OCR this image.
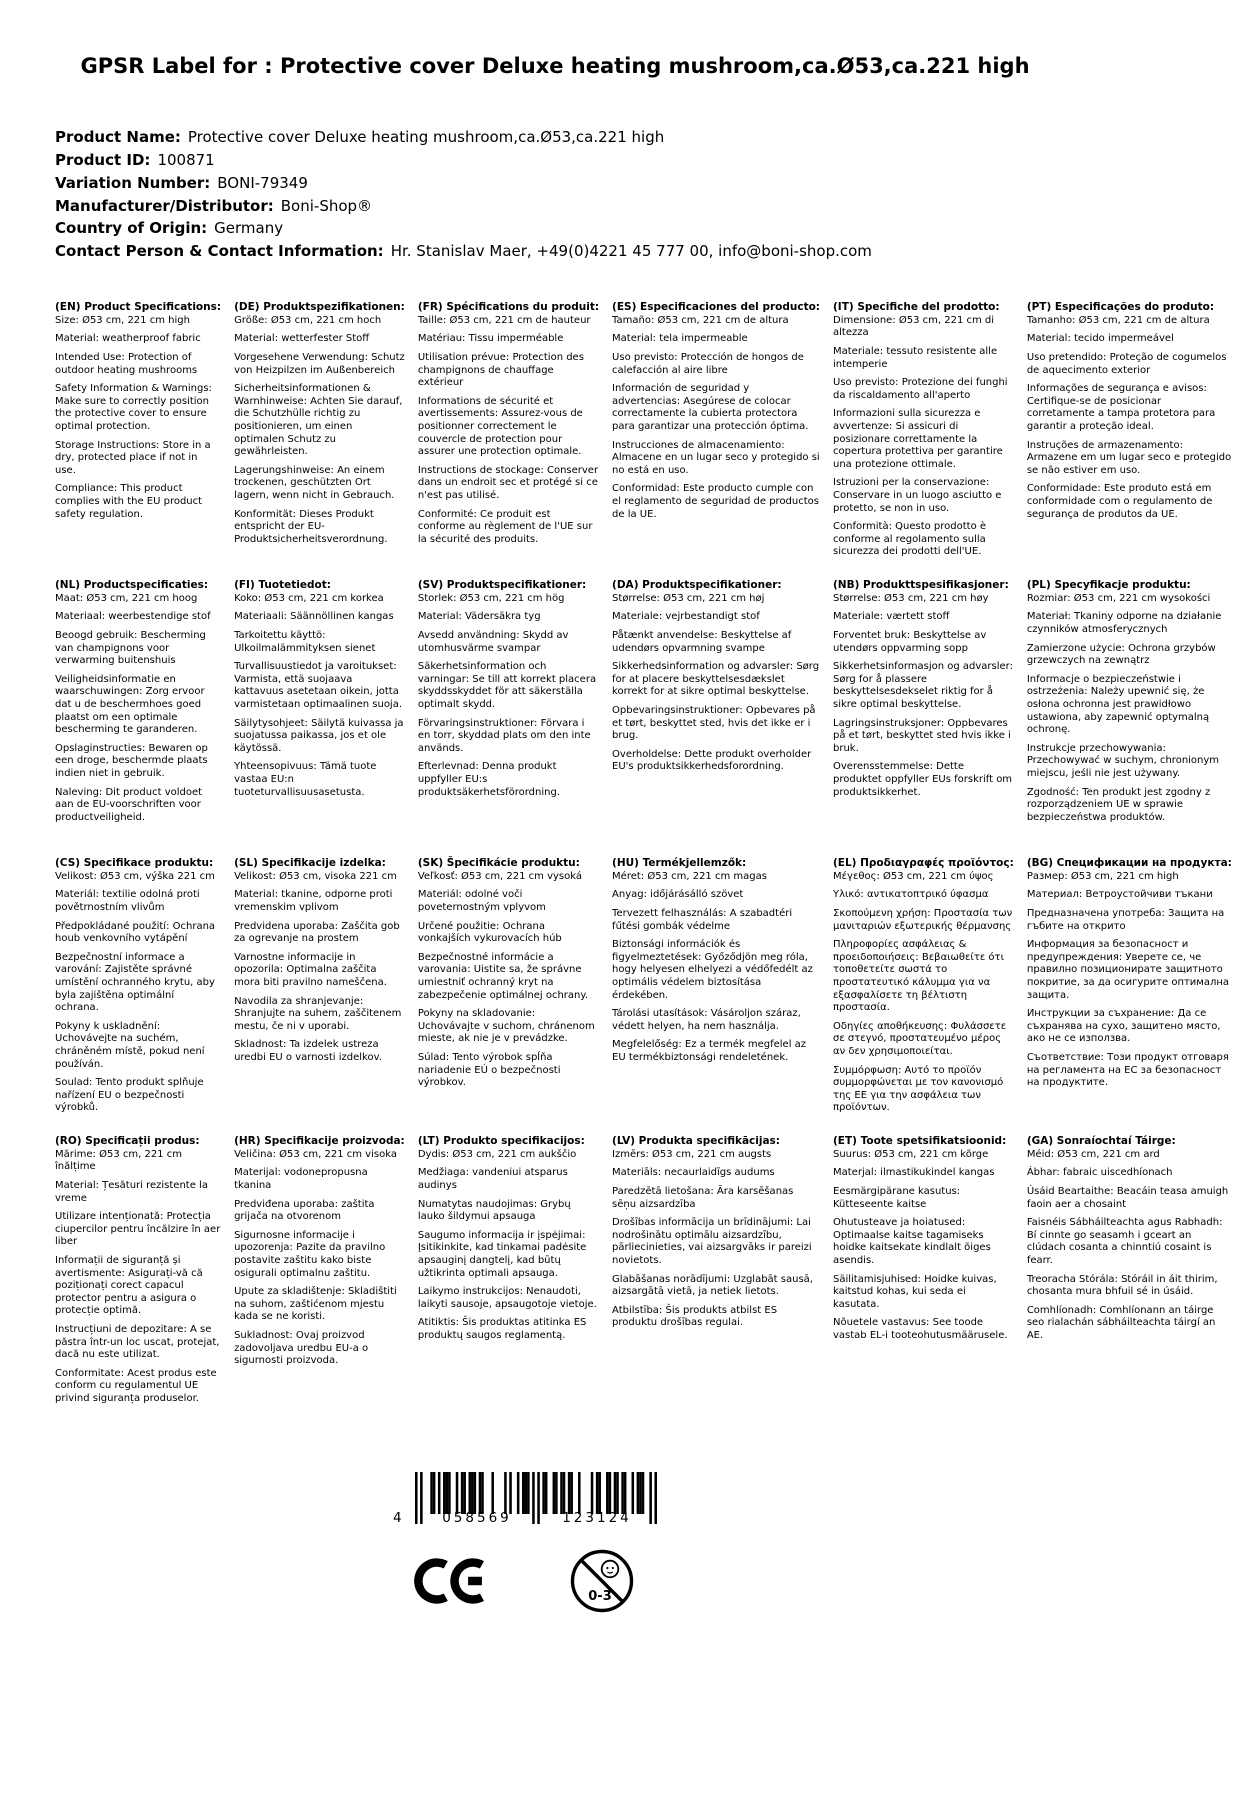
GPSR Label for : Protective cover Deluxe heating mushroom,ca.Ø53,ca.221 high
Product Name: Protective cover Deluxe heating mushroom,ca.Ø53,ca.221 high
Product ID: 100871
Variation Number: BONI-79349
Manufacturer/Distributor: Boni-Shop®
Country of Origin: Germany
Contact Person & Contact Information: Hr. Stanislav Maer, +49(0)4221 45 777 00, info@boni-shop.com
(EN) Product Specifications:

Size: Ø53 cm, 221 cm high

Material: weatherproof fabric

Intended Use: Protection of outdoor heating mushrooms

Safety Information & Warnings: Make sure to correctly position the protective cover to ensure optimal protection.

Storage Instructions: Store in a dry, protected place if not in use.

Compliance: This product complies with the EU product safety regulation.

(DE) Produktspezifikationen:

Größe: Ø53 cm, 221 cm hoch

Material: wetterfester Stoff

Vorgesehene Verwendung: Schutz von Heizpilzen im Außenbereich

Sicherheitsinformationen & Warnhinweise: Achten Sie darauf, die Schutzhülle richtig zu positionieren, um einen optimalen Schutz zu gewährleisten.

Lagerungshinweise: An einem trockenen, geschützten Ort lagern, wenn nicht in Gebrauch.

Konformität: Dieses Produkt entspricht der EU-Produktsicherheitsverordnung.

(FR) Spécifications du produit:

Taille: Ø53 cm, 221 cm de hauteur

Matériau: Tissu imperméable

Utilisation prévue: Protection des champignons de chauffage extérieur

Informations de sécurité et avertissements: Assurez-vous de positionner correctement le couvercle de protection pour assurer une protection optimale.

Instructions de stockage: Conserver dans un endroit sec et protégé si ce n'est pas utilisé.

Conformité: Ce produit est conforme au règlement de l'UE sur la sécurité des produits.

(ES) Especificaciones del producto:

Tamaño: Ø53 cm, 221 cm de altura

Material: tela impermeable

Uso previsto: Protección de hongos de calefacción al aire libre

Información de seguridad y advertencias: Asegúrese de colocar correctamente la cubierta protectora para garantizar una protección óptima.

Instrucciones de almacenamiento: Almacene en un lugar seco y protegido si no está en uso.

Conformidad: Este producto cumple con el reglamento de seguridad de productos de la UE.

(IT) Specifiche del prodotto:

Dimensione: Ø53 cm, 221 cm di altezza

Materiale: tessuto resistente alle intemperie

Uso previsto: Protezione dei funghi da riscaldamento all'aperto

Informazioni sulla sicurezza e avvertenze: Si assicuri di posizionare correttamente la copertura protettiva per garantire una protezione ottimale.

Istruzioni per la conservazione: Conservare in un luogo asciutto e protetto, se non in uso.

Conformità: Questo prodotto è conforme al regolamento sulla sicurezza dei prodotti dell'UE.

(PT) Especificações do produto:

Tamanho: Ø53 cm, 221 cm de altura

Material: tecido impermeável

Uso pretendido: Proteção de cogumelos de aquecimento exterior

Informações de segurança e avisos: Certifique-se de posicionar corretamente a tampa protetora para garantir a proteção ideal.

Instruções de armazenamento: Armazene em um lugar seco e protegido se não estiver em uso.

Conformidade: Este produto está em conformidade com o regulamento de segurança de produtos da UE.

(NL) Productspecificaties:

Maat: Ø53 cm, 221 cm hoog

Materiaal: weerbestendige stof

Beoogd gebruik: Bescherming van champignons voor verwarming buitenshuis

Veiligheidsinformatie en waarschuwingen: Zorg ervoor dat u de beschermhoes goed plaatst om een optimale bescherming te garanderen.

Opslaginstructies: Bewaren op een droge, beschermde plaats indien niet in gebruik.

Naleving: Dit product voldoet aan de EU-voorschriften voor productveiligheid.

(FI) Tuotetiedot:

Koko: Ø53 cm, 221 cm korkea

Materiaali: Säännöllinen kangas

Tarkoitettu käyttö: Ulkoilmalämmityksen sienet

Turvallisuustiedot ja varoitukset: Varmista, että suojaava kattavuus asetetaan oikein, jotta varmistetaan optimaalinen suoja.

Säilytysohjeet: Säilytä kuivassa ja suojatussa paikassa, jos et ole käytössä.

Yhteensopivuus: Tämä tuote vastaa EU:n tuoteturvallisuusasetusta.

(SV) Produktspecifikationer:

Storlek: Ø53 cm, 221 cm hög

Material: Vädersäkra tyg

Avsedd användning: Skydd av utomhusvärme svampar

Säkerhetsinformation och varningar: Se till att korrekt placera skyddsskyddet för att säkerställa optimalt skydd.

Förvaringsinstruktioner: Förvara i en torr, skyddad plats om den inte används.

Efterlevnad: Denna produkt uppfyller EU:s produktsäkerhetsförordning.

(DA) Produktspecifikationer:

Størrelse: Ø53 cm, 221 cm høj

Materiale: vejrbestandigt stof

Påtænkt anvendelse: Beskyttelse af udendørs opvarmning svampe

Sikkerhedsinformation og advarsler: Sørg for at placere beskyttelsesdækslet korrekt for at sikre optimal beskyttelse.

Opbevaringsinstruktioner: Opbevares på et tørt, beskyttet sted, hvis det ikke er i brug.

Overholdelse: Dette produkt overholder EU's produktsikkerhedsforordning.

(NB) Produkttspesifikasjoner:

Størrelse: Ø53 cm, 221 cm høy

Materiale: værtett stoff

Forventet bruk: Beskyttelse av utendørs oppvarming sopp

Sikkerhetsinformasjon og advarsler: Sørg for å plassere beskyttelsesdekselet riktig for å sikre optimal beskyttelse.

Lagringsinstruksjoner: Oppbevares på et tørt, beskyttet sted hvis ikke i bruk.

Overensstemmelse: Dette produktet oppfyller EUs forskrift om produktsikkerhet.

(PL) Specyfikacje produktu:

Rozmiar: Ø53 cm, 221 cm wysokości

Materiał: Tkaniny odporne na działanie czynników atmosferycznych

Zamierzone użycie: Ochrona grzybów grzewczych na zewnątrz

Informacje o bezpieczeństwie i ostrzeżenia: Należy upewnić się, że osłona ochronna jest prawidłowo ustawiona, aby zapewnić optymalną ochronę.

Instrukcje przechowywania: Przechowywać w suchym, chronionym miejscu, jeśli nie jest używany.

Zgodność: Ten produkt jest zgodny z rozporządzeniem UE w sprawie bezpieczeństwa produktów.

(CS) Specifikace produktu:

Velikost: Ø53 cm, výška 221 cm

Materiál: textilie odolná proti povětrnostním vlivům

Předpokládané použití: Ochrana houb venkovního vytápění

Bezpečnostní informace a varování: Zajistěte správné umístění ochranného krytu, aby byla zajištěna optimální ochrana.

Pokyny k uskladnění: Uchovávejte na suchém, chráněném místě, pokud není používán.

Soulad: Tento produkt splňuje nařízení EU o bezpečnosti výrobků.

(SL) Specifikacije izdelka:

Velikost: Ø53 cm, visoka 221 cm

Material: tkanine, odporne proti vremenskim vplivom

Predvidena uporaba: Zaščita gob za ogrevanje na prostem

Varnostne informacije in opozorila: Optimalna zaščita mora biti pravilno nameščena.

Navodila za shranjevanje: Shranjujte na suhem, zaščitenem mestu, če ni v uporabi.

Skladnost: Ta izdelek ustreza uredbi EU o varnosti izdelkov.

(SK) Špecifikácie produktu:

Veľkosť: Ø53 cm, 221 cm vysoká

Materiál: odolné voči poveternostným vplyvom

Určené použitie: Ochrana vonkajších vykurovacích húb

Bezpečnostné informácie a varovania: Uistite sa, že správne umiestniť ochranný kryt na zabezpečenie optimálnej ochrany.

Pokyny na skladovanie: Uchovávajte v suchom, chránenom mieste, ak nie je v prevádzke.

Súlad: Tento výrobok spĺňa nariadenie EÚ o bezpečnosti výrobkov.

(HU) Termékjellemzők:

Méret: Ø53 cm, 221 cm magas

Anyag: időjárásálló szövet

Tervezett felhasználás: A szabadtéri fűtési gombák védelme

Biztonsági információk és figyelmeztetések: Győződjön meg róla, hogy helyesen elhelyezi a védőfedélt az optimális védelem biztosítása érdekében.

Tárolási utasítások: Vásároljon száraz, védett helyen, ha nem használja.

Megfelelőség: Ez a termék megfelel az EU termékbiztonsági rendeletének.

(EL) Προδιαγραφές προϊόντος:

Μέγεθος: Ø53 cm, 221 cm ύψος

Υλικό: αντικατοπτρικό ύφασμα

Σκοπούμενη χρήση: Προστασία των μανιταριών εξωτερικής θέρμανσης

Πληροφορίες ασφάλειας & προειδοποιήσεις: Βεβαιωθείτε ότι τοποθετείτε σωστά το προστατευτικό κάλυμμα για να εξασφαλίσετε τη βέλτιστη προστασία.

Οδηγίες αποθήκευσης: Φυλάσσετε σε στεγνό, προστατευμένο μέρος αν δεν χρησιμοποιείται.

Συμμόρφωση: Αυτό το προϊόν συμμορφώνεται με τον κανονισμό της ΕΕ για την ασφάλεια των προϊόντων.

(BG) Спецификации на продукта:

Размер: Ø53 cm, 221 cm high

Материал: Ветроустойчиви тъкани

Предназначена употреба: Защита на гъбите на открито

Информация за безопасност и предупреждения: Уверете се, че правилно позиционирате защитното покритие, за да осигурите оптимална защита.

Инструкции за съхранение: Да се съхранява на сухо, защитено място, ако не се използва.

Съответствие: Този продукт отговаря на регламента на ЕС за безопасност на продуктите.

(RO) Specificații produs:

Mărime: Ø53 cm, 221 cm înălțime

Material: Țesături rezistente la vreme

Utilizare intenționată: Protecția ciupercilor pentru încălzire în aer liber

Informații de siguranță și avertismente: Asigurați-vă că poziționați corect capacul protector pentru a asigura o protecție optimă.

Instrucțiuni de depozitare: A se păstra într-un loc uscat, protejat, dacă nu este utilizat.

Conformitate: Acest produs este conform cu regulamentul UE privind siguranța produselor.

(HR) Specifikacije proizvoda:

Veličina: Ø53 cm, 221 cm visoka

Materijal: vodonepropusna tkanina

Predviđena uporaba: zaštita grijača na otvorenom

Sigurnosne informacije i upozorenja: Pazite da pravilno postavite zaštitu kako biste osigurali optimalnu zaštitu.

Upute za skladištenje: Skladištiti na suhom, zaštićenom mjestu kada se ne koristi.

Sukladnost: Ovaj proizvod zadovoljava uredbu EU-a o sigurnosti proizvoda.

(LT) Produkto specifikacijos:

Dydis: Ø53 cm, 221 cm aukščio

Medžiaga: vandeniui atsparus audinys

Numatytas naudojimas: Grybų lauko šildymui apsauga

Saugumo informacija ir įspėjimai: Įsitikinkite, kad tinkamai padėsite apsauginį dangtelį, kad būtų užtikrinta optimali apsauga.

Laikymo instrukcijos: Nenaudoti, laikyti sausoje, apsaugotoje vietoje.

Atitiktis: Šis produktas atitinka ES produktų saugos reglamentą.

(LV) Produkta specifikācijas:

Izmērs: Ø53 cm, 221 cm augsts

Materiāls: necaurlaidīgs audums

Paredzētā lietošana: Āra karsēšanas sēņu aizsardzība

Drošības informācija un brīdinājumi: Lai nodrošinātu optimālu aizsardzību, pārliecinieties, vai aizsargvāks ir pareizi novietots.

Glabāšanas norādījumi: Uzglabāt sausā, aizsargātā vietā, ja netiek lietots.

Atbilstība: Šis produkts atbilst ES produktu drošības regulai.

(ET) Toote spetsifikatsioonid:

Suurus: Ø53 cm, 221 cm kõrge

Materjal: ilmastikukindel kangas

Eesmärgipärane kasutus: Kütteseente kaitse

Ohutusteave ja hoiatused: Optimaalse kaitse tagamiseks hoidke kaitsekate kindlalt õiges asendis.

Säilitamisjuhised: Hoidke kuivas, kaitstud kohas, kui seda ei kasutata.

Nõuetele vastavus: See toode vastab EL-i tooteohutusmäärusele.

(GA) Sonraíochtaí Táirge:

Méid: Ø53 cm, 221 cm ard

Ábhar: fabraic uiscedhíonach

Úsáid Beartaithe: Beacáin teasa amuigh faoin aer a chosaint

Faisnéis Sábháilteachta agus Rabhadh: Bí cinnte go seasamh i gceart an clúdach cosanta a chinntiú cosaint is fearr.

Treoracha Stórála: Stóráil in áit thirim, chosanta mura bhfuil sé in úsáid.

Comhlíonadh: Comhlíonann an táirge seo rialachán sábháilteachta táirgí an AE.

4	058569	123124
0-3
